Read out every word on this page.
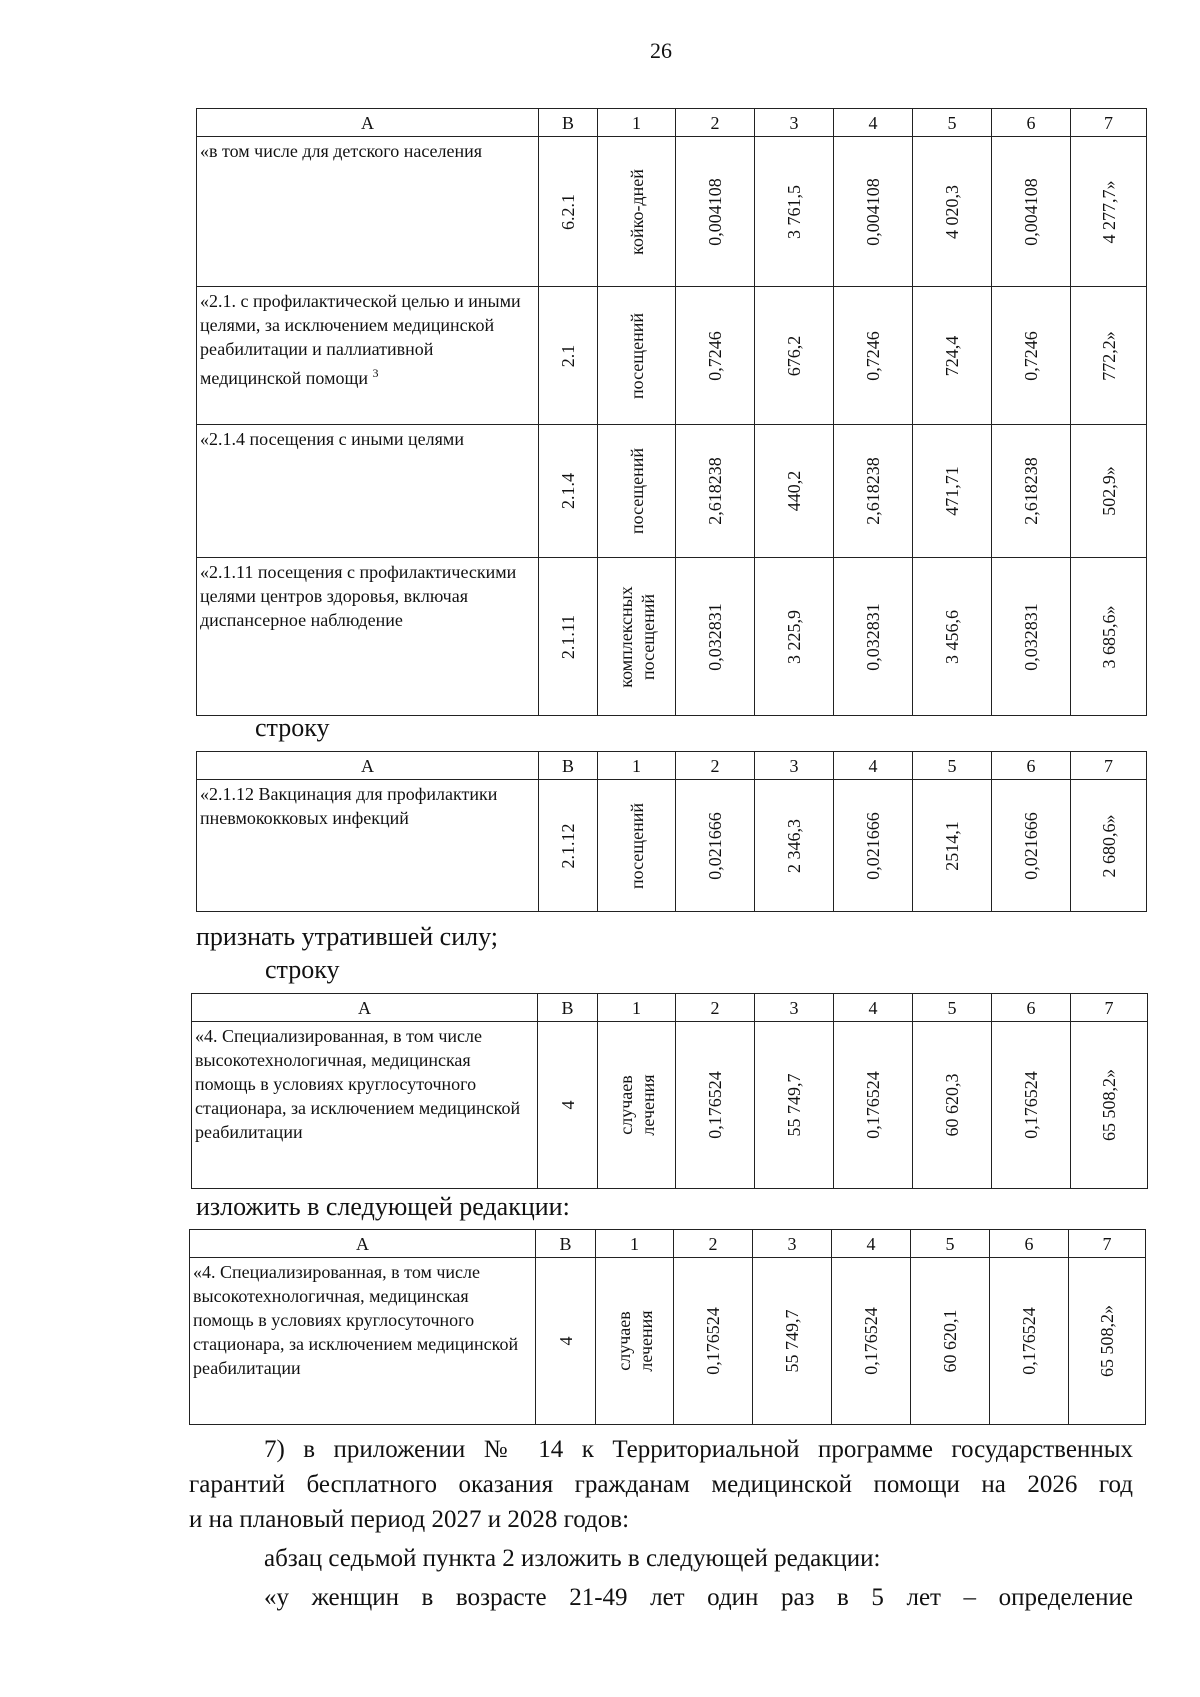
26
А	В	1	2	3	4	5	6	7
«в том числе для детского населения	6.2.1	койко-дней	0,004108	3 761,5	0,004108	4 020,3	0,004108	4 277,7»

«2.1. с профилактической целью и иными целями, за исключением медицинской реабилитации и паллиативной медицинской помощи $^3$	2.1	посещений	0,7246	676,2	0,7246	724,4	0,7246	772,2»

«2.1.4 посещения с иными целями	2.1.4	посещений	2,618238	440,2	2,618238	471,71	2,618238	502,9»

«2.1.11 посещения с профилактическими целями центров здоровья, включая диспансерное наблюдение	2.1.11	комплексных посещений	0,032831	3 225,9	0,032831	3 456,6	0,032831	3 685,6»
строку
А	В	1	2	3	4	5	6	7
«2.1.12 Вакцинация для профилактики пневмококковых инфекций	2.1.12	посещений	0,021666	2 346,3	0,021666	2514,1	0,021666	2 680,6»
признать утратившей силу;
строку
А	В	1	2	3	4	5	6	7
«4. Специализированная, в том числе высокотехнологичная, медицинская помощь в условиях круглосуточного стационара, за исключением медицинской реабилитации	4	случаев лечения	0,176524	55 749,7	0,176524	60 620,3	0,176524	65 508,2»
изложить в следующей редакции:
А	В	1	2	3	4	5	6	7
«4. Специализированная, в том числе высокотехнологичная, медицинская помощь в условиях круглосуточного стационара, за исключением медицинской реабилитации	4	случаев лечения	0,176524	55 749,7	0,176524	60 620,1	0,176524	65 508,2»
7) в приложении № 14 к Территориальной программе государственных
гарантий бесплатного оказания гражданам медицинской помощи на 2026 год
и на плановый период 2027 и 2028 годов:
абзац седьмой пункта 2 изложить в следующей редакции:
«у женщин в возрасте 21-49 лет один раз в 5 лет – определение
